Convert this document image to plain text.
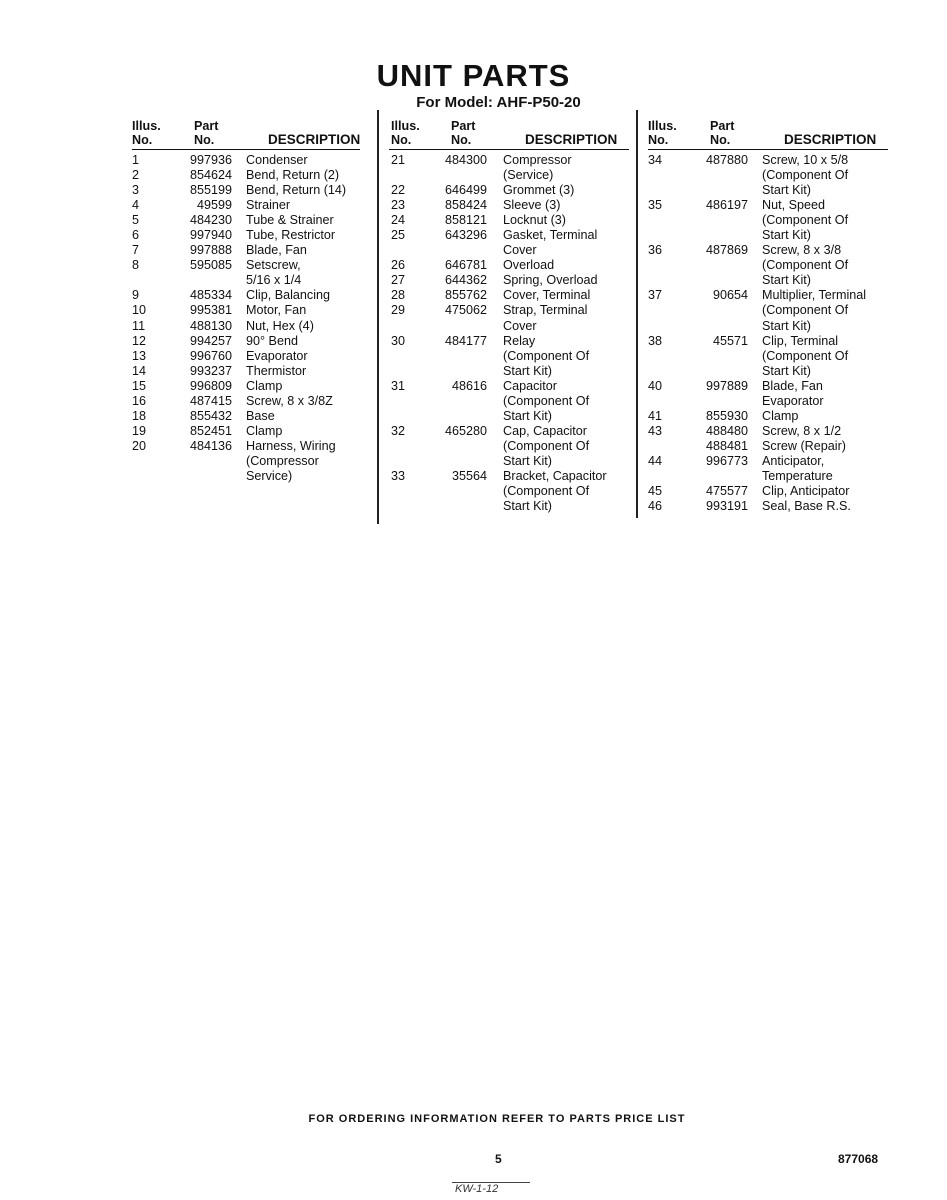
UNIT PARTS
For Model: AHF-P50-20
Illus.
No.
Part
No.	DESCRIPTION
1	997936 Condenser
2	854624 Bend, Return (2)
3	855199 Bend, Return (14)
4	49599 Strainer
5	484230 Tube & Strainer
6	997940 Tube, Restrictor
7	997888 Blade, Fan
8	595085 Setscrew,
5/16 x 1/4
9	485334 Clip, Balancing
10	995381 Motor, Fan
11	488130 Nut, Hex (4)
12	994257 90° Bend
13	996760 Evaporator
14	993237 Thermistor
15	996809 Clamp
16	487415 Screw, 8 x 3/8Z
18	855432 Base
19	852451 Clamp
20	484136 Harness, Wiring
(Compressor
Service)
Illus.
No.
Part
No.	DESCRIPTION
21	484300 Compressor
(Service)
22	646499 Grommet (3)
23	858424 Sleeve (3)
24	858121 Locknut (3)
25	643296 Gasket, Terminal
Cover
26	646781 Overload
27	644362 Spring, Overload
28	855762 Cover, Terminal
29	475062 Strap, Terminal
Cover
30	484177 Relay
(Component Of
Start Kit)
31	48616 Capacitor
(Component Of
Start Kit)
32	465280 Cap, Capacitor
(Component Of
Start Kit)
33	35564 Bracket, Capacitor
(Component Of
Start Kit)
Illus.
No.
Part
No.	DESCRIPTION
34	487880 Screw, 10 x 5/8
(Component Of
Start Kit)
35	486197 Nut, Speed
(Component Of
Start Kit)
36	487869 Screw, 8 x 3/8
(Component Of
Start Kit)
37	90654 Multiplier, Terminal
(Component Of
Start Kit)
38	45571 Clip, Terminal
(Component Of
Start Kit)
40	997889 Blade, Fan
Evaporator
41	855930 Clamp
43	488480 Screw, 8 x 1/2
488481 Screw (Repair)
44	996773 Anticipator,
Temperature
45	475577 Clip, Anticipator
46	993191 Seal, Base R.S.
FOR ORDERING INFORMATION REFER TO PARTS PRICE LIST
5	877068
KW-1-12
